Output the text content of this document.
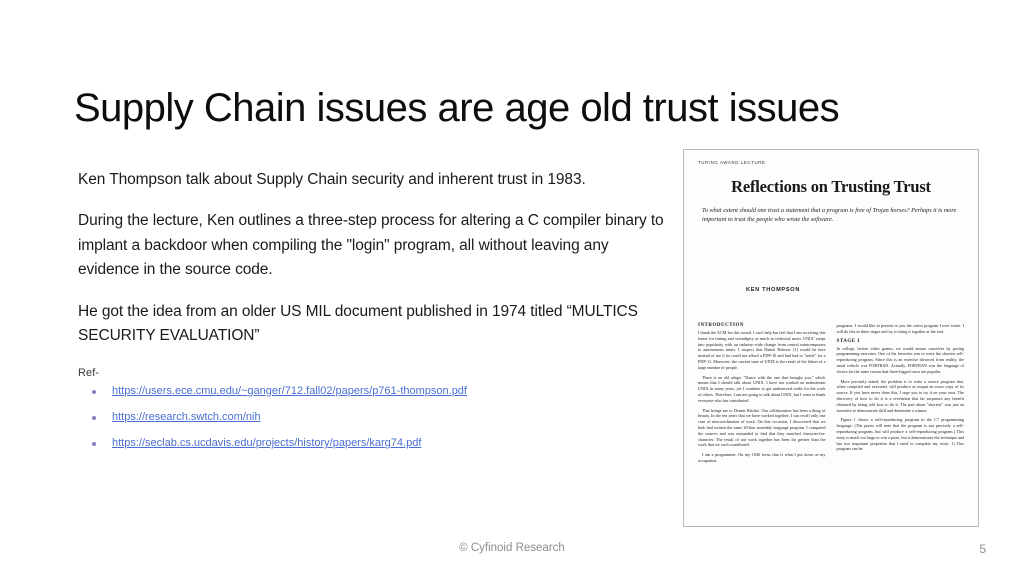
Supply Chain issues are age old trust issues

Ken Thompson talk about Supply Chain security and inherent trust in 1983.

During the lecture, Ken outlines a three-step process for altering a C compiler binary to implant a backdoor when compiling the "login" program, all without leaving any evidence in the source code.

He got the idea from an older US MIL document published in 1974 titled “MULTICS SECURITY EVALUATION”

Ref-
https://users.ece.cmu.edu/~ganger/712.fall02/papers/p761-thompson.pdf
https://research.swtch.com/nih
https://seclab.cs.ucdavis.edu/projects/history/papers/karg74.pdf
TURING AWARD LECTURE
Reflections on Trusting Trust
To what extent should one trust a statement that a program is free of Trojan horses? Perhaps it is more important to trust the people who wrote the software.
KEN THOMPSON
INTRODUCTION
I thank the ACM for this award. I can't help but feel that I am receiving this honor for timing and serendipity as much as technical merit. UNIX' swept into popularity with an industry-wide change from central minicomputers to autonomous minis. I suspect that Daniel Bobrow [1] would be here instead of me if he could not afford a PDP-10 and had had to "settle" for a PDP-11. Moreover, the current state of UNIX is the result of the labors of a large number of people.
There is an old adage, "Dance with the one that brought you," which means that I should talk about UNIX. I have not worked on mainstream UNIX in many years, yet I continue to get undeserved credit for the work of others. Therefore, I am not going to talk about UNIX, but I want to thank everyone who has contributed.
That brings me to Dennis Ritchie. Our collaboration has been a thing of beauty. In the ten years that we have worked together, I can recall only one case of miscoordination of work. On that occasion, I discovered that we both had written the same 20-line assembly language program. I compared the sources and was astounded to find that they matched character-for-character. The result of our work together has been far greater than the work that we each contributed.
I am a programmer. On my 1040 form, that is what I put down as my occupation.
programs. I would like to present to you the cutest program I ever wrote. I will do this in three stages and try to bring it together at the end.
STAGE I
In college, before video games, we would amuse ourselves by posing programming exercises. One of the favorites was to write the shortest self-reproducing program. Since this is an exercise divorced from reality, the usual vehicle was FORTRAN. Actually, FORTRAN was the language of choice for the same reason that three-legged races are popular.
More precisely stated, the problem is to write a source program that, when compiled and executed, will produce as output an exact copy of its source. If you have never done this, I urge you to try it on your own. The discovery of how to do it is a revelation that far surpasses any benefit obtained by being told how to do it. The part about "shortest" was just an incentive to demonstrate skill and determine a winner.
Figure 1 shows a self-reproducing program in the C7 programming language. (The purist will note that the program is not precisely a self-reproducing program, but will produce a self-reproducing program.) This entry is much too large to win a prize, but it demonstrates the technique and has two important properties that I need to complete my story: 1) This program can be
© Cyfinoid Research	5
